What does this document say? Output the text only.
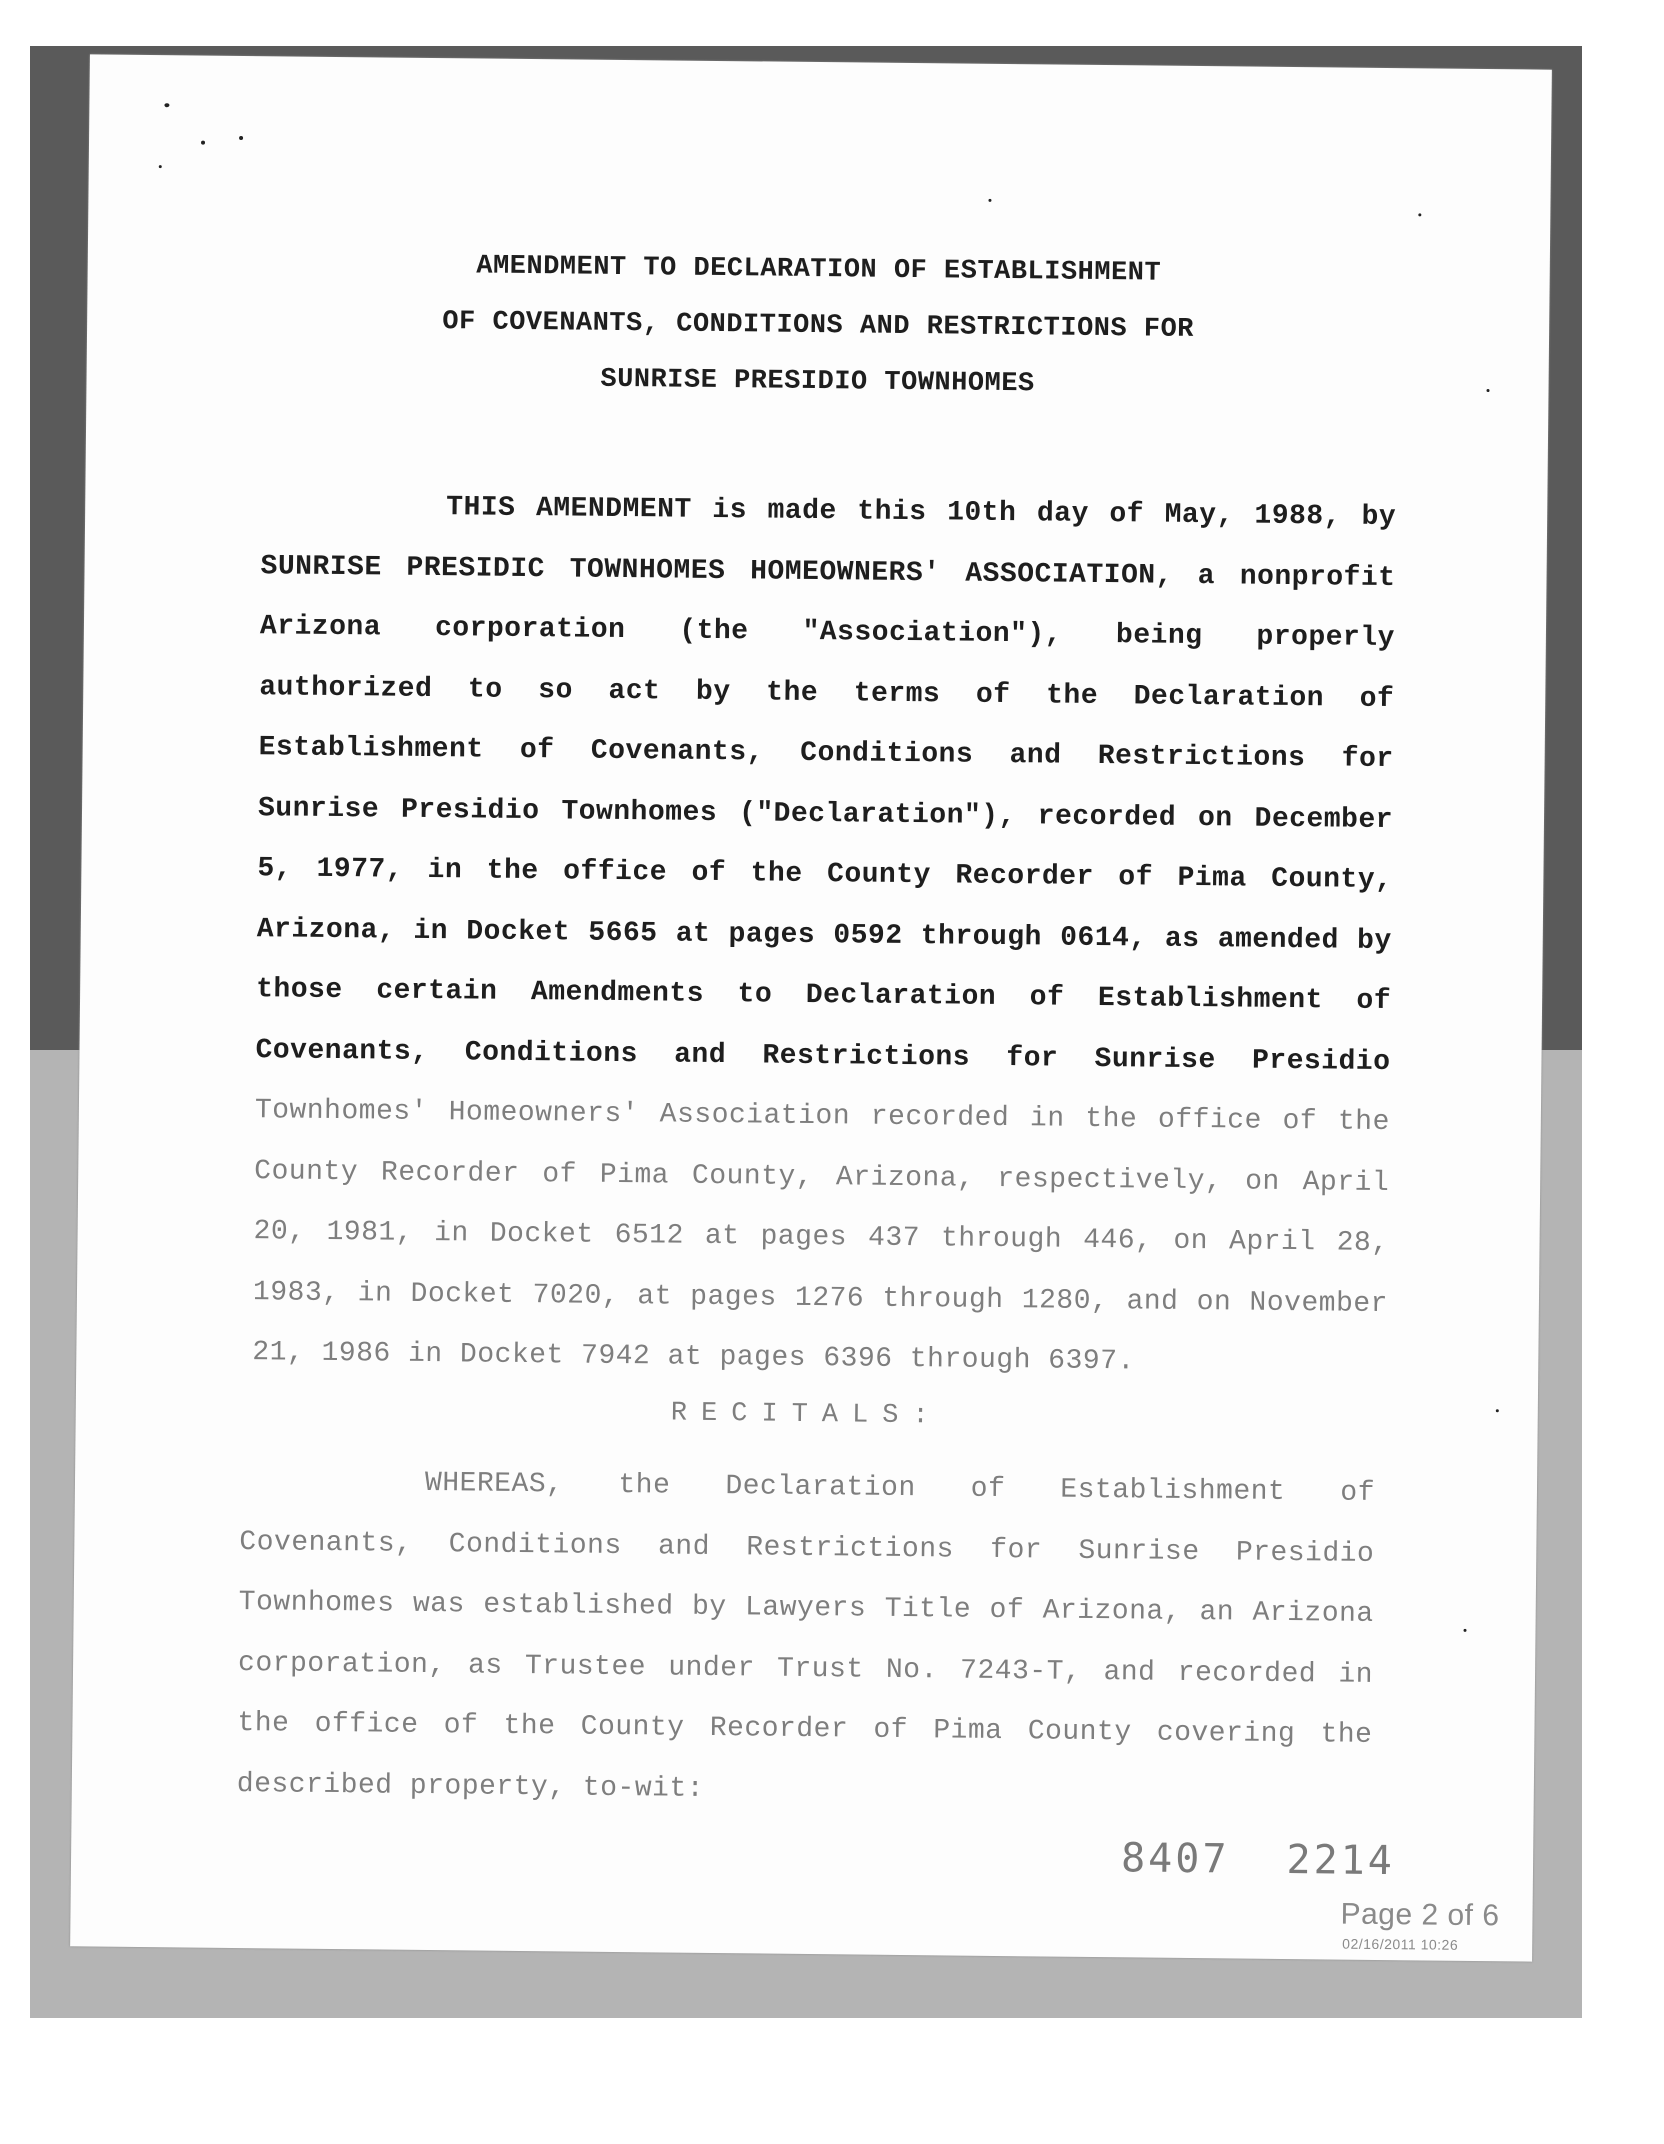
AMENDMENT TO DECLARATION OF ESTABLISHMENT
OF COVENANTS, CONDITIONS AND RESTRICTIONS FOR
SUNRISE PRESIDIO TOWNHOMES
THIS AMENDMENT is made this 10th day of May, 1988, by SUNRISE PRESIDIC TOWNHOMES HOMEOWNERS' ASSOCIATION, a nonprofit Arizona corporation (the "Association"), being properly authorized to so act by the terms of the Declaration of Establishment of Covenants, Conditions and Restrictions for Sunrise Presidio Townhomes ("Declaration"), recorded on December 5, 1977, in the office of the County Recorder of Pima County, Arizona, in Docket 5665 at pages 0592 through 0614, as amended by those certain Amendments to Declaration of Establishment of Covenants, Conditions and Restrictions for Sunrise Presidio Townhomes' Homeowners' Association recorded in the office of the County Recorder of Pima County, Arizona, respectively, on April 20, 1981, in Docket 6512 at pages 437 through 446, on April 28, 1983, in Docket 7020, at pages 1276 through 1280, and on November 21, 1986 in Docket 7942 at pages 6396 through 6397.
RECITALS:
WHEREAS, the Declaration of Establishment of Covenants, Conditions and Restrictions for Sunrise Presidio Townhomes was established by Lawyers Title of Arizona, an Arizona corporation, as Trustee under Trust No. 7243-T, and recorded in the office of the County Recorder of Pima County covering the described property, to-wit:
8407 2214
Page 2 of 6
02/16/2011 10:26
